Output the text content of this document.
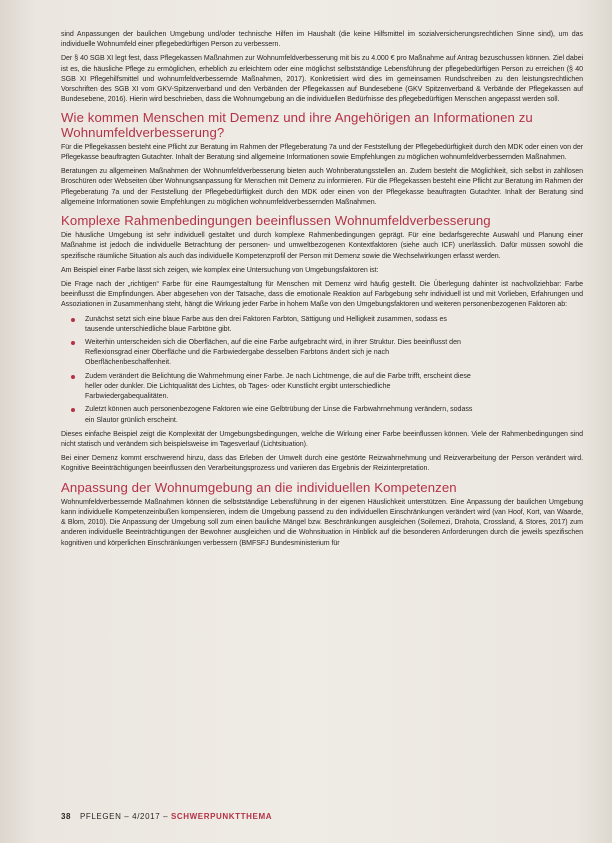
sind Anpassungen der baulichen Umgebung und/oder technische Hilfen im Haushalt (die keine Hilfsmittel im sozialversicherungsrechtlichen Sinne sind), um das individuelle Wohnumfeld einer pflegebedürftigen Person zu verbessern.

Der § 40 SGB XI legt fest, dass Pflegekassen Maßnahmen zur Wohnumfeldverbesserung mit bis zu 4.000 € pro Maßnahme auf Antrag bezuschussen können. Ziel dabei ist es, die häusliche Pflege zu ermöglichen, erheblich zu erleichtern oder eine möglichst selbstständige Lebensführung der pflegebedürftigen Person zu erreichen (§ 40 SGB XI Pflegehilfsmittel und wohnumfeldverbessernde Maßnahmen, 2017). Konkretisiert wird dies im gemeinsamen Rundschreiben zu den leistungsrechtlichen Vorschriften des SGB XI vom GKV-Spitzenverband und den Verbänden der Pflegekassen auf Bundesebene (GKV Spitzenverband & Verbände der Pflegekassen auf Bundesebene, 2016). Hierin wird beschrieben, dass die Wohnumgebung an die individuellen Bedürfnisse des pflegebedürftigen Menschen angepasst werden soll.

Wie kommen Menschen mit Demenz und ihre Angehörigen an Informationen zu Wohnumfeldverbesserung?

Für die Pflegekassen besteht eine Pflicht zur Beratung im Rahmen der Pflegeberatung 7a und der Feststellung der Pflegebedürftigkeit durch den MDK oder einen von der Pflegekasse beauftragten Gutachter. Inhalt der Beratung sind allgemeine Informationen sowie Empfehlungen zu möglichen wohnumfeldverbessernden Maßnahmen.

Beratungen zu allgemeinen Maßnahmen der Wohnumfeldverbesserung bieten auch Wohnberatungsstellen an. Zudem besteht die Möglichkeit, sich selbst in zahllosen Broschüren oder Webseiten über Wohnungsanpassung für Menschen mit Demenz zu informieren. Für die Pflegekassen besteht eine Pflicht zur Beratung im Rahmen der Pflegeberatung 7a und der Feststellung der Pflegebedürftigkeit durch den MDK oder einen von der Pflegekasse beauftragten Gutachter. Inhalt der Beratung sind allgemeine Informationen sowie Empfehlungen zu möglichen wohnumfeldverbessernden Maßnahmen.

Komplexe Rahmenbedingungen beeinflussen Wohnumfeldverbesserung

Die häusliche Umgebung ist sehr individuell gestaltet und durch komplexe Rahmenbedingungen geprägt. Für eine bedarfsgerechte Auswahl und Planung einer Maßnahme ist jedoch die individuelle Betrachtung der personen- und umweltbezogenen Kontextfaktoren (siehe auch ICF) unerlässlich. Dafür müssen sowohl die spezifische räumliche Situation als auch das individuelle Kompetenzprofil der Person mit Demenz sowie die Wechselwirkungen erfasst werden.

Am Beispiel einer Farbe lässt sich zeigen, wie komplex eine Untersuchung von Umgebungsfaktoren ist:

Die Frage nach der „richtigen“ Farbe für eine Raumgestaltung für Menschen mit Demenz wird häufig gestellt. Die Überlegung dahinter ist nachvollziehbar: Farbe beeinflusst die Empfindungen. Aber abgesehen von der Tatsache, dass die emotionale Reaktion auf Farbgebung sehr individuell ist und mit Vorlieben, Erfahrungen und Assoziationen in Zusammenhang steht, hängt die Wirkung jeder Farbe in hohem Maße von den Umgebungsfaktoren und weiteren personenbezogenen Faktoren ab:

Zunächst setzt sich eine blaue Farbe aus den drei Faktoren Farbton, Sättigung und Helligkeit zusammen, sodass es tausende unterschiedliche blaue Farbtöne gibt.
Weiterhin unterscheiden sich die Oberflächen, auf die eine Farbe aufgebracht wird, in ihrer Struktur. Dies beeinflusst den Reflexionsgrad einer Oberfläche und die Farbwiedergabe desselben Farbtons ändert sich je nach Oberflächenbeschaffenheit.
Zudem verändert die Belichtung die Wahrnehmung einer Farbe. Je nach Lichtmenge, die auf die Farbe trifft, erscheint diese heller oder dunkler. Die Lichtqualität des Lichtes, ob Tages- oder Kunstlicht ergibt unterschiedliche Farbwiedergabequalitäten.
Zuletzt können auch personenbezogene Faktoren wie eine Gelbtrübung der Linse die Farbwahrnehmung verändern, sodass ein Slautor grünlich erscheint.

Dieses einfache Beispiel zeigt die Komplexität der Umgebungsbedingungen, welche die Wirkung einer Farbe beeinflussen können. Viele der Rahmenbedingungen sind nicht statisch und verändern sich beispielsweise im Tagesverlauf (Lichtsituation).

Bei einer Demenz kommt erschwerend hinzu, dass das Erleben der Umwelt durch eine gestörte Reizwahrnehmung und Reizverarbeitung der Person verändert wird. Kognitive Beeinträchtigungen beeinflussen den Verarbeitungsprozess und variieren das Ergebnis der Reizinterpretation.

Anpassung der Wohnumgebung an die individuellen Kompetenzen

Wohnumfeldverbessernde Maßnahmen können die selbstständige Lebensführung in der eigenen Häuslichkeit unterstützen. Eine Anpassung der baulichen Umgebung kann individuelle Kompetenzeinbußen kompensieren, indem die Umgebung passend zu den individuellen Einschränkungen verändert wird (van Hoof, Kort, van Waarde, & Blom, 2010). Die Anpassung der Umgebung soll zum einen bauliche Mängel bzw. Beschränkungen ausgleichen (Soilemezi, Drahota, Crossland, & Stores, 2017) zum anderen individuelle Beeinträchtigungen der Bewohner ausgleichen und die Wohnsituation in Hinblick auf die besonderen Anforderungen durch die jeweils spezifischen kognitiven und körperlichen Einschränkungen verbessern (BMFSFJ Bundesministerium für

38 PFLEGEN – 4/2017 – SCHWERPUNKTTHEMA
